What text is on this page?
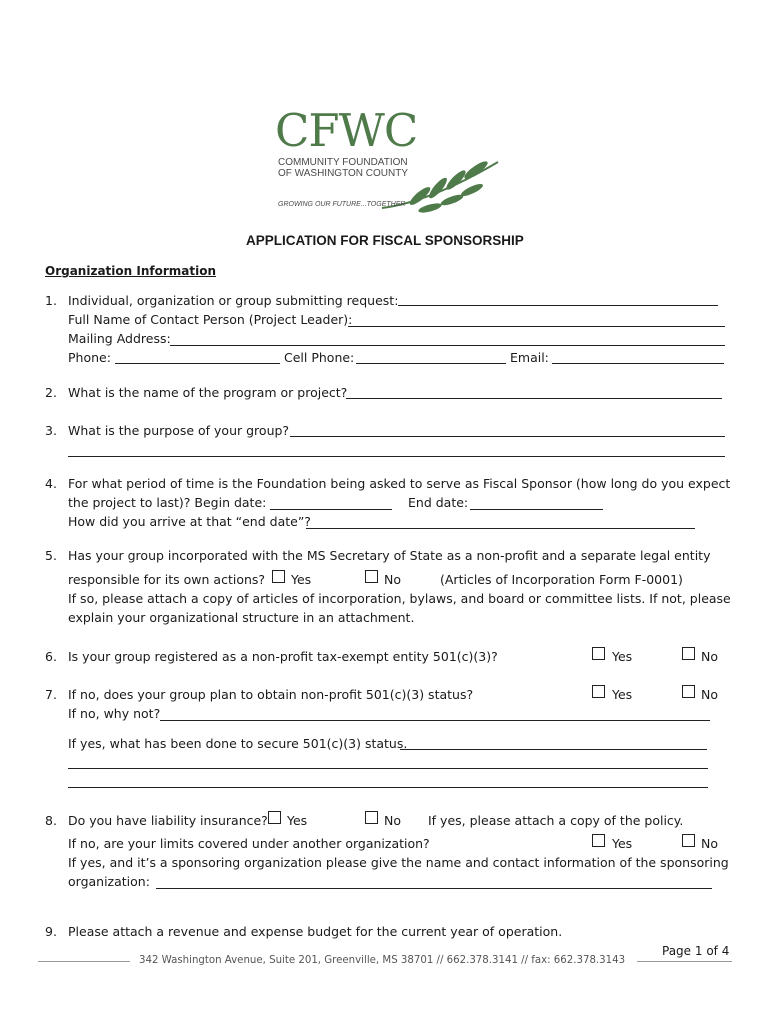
CFWC
COMMUNITY FOUNDATION
OF WASHINGTON COUNTY
GROWING OUR FUTURE...TOGETHER
APPLICATION FOR FISCAL SPONSORSHIP
Organization Information
1. Individual, organization or group submitting request:
Full Name of Contact Person (Project Leader):
Mailing Address:
Phone:	Cell Phone:	Email:
2. What is the name of the program or project?
3. What is the purpose of your group?
4. For what period of time is the Foundation being asked to serve as Fiscal Sponsor (how long do you expect
the project to last)? Begin date:	End date:
How did you arrive at that “end date”?
5. Has your group incorporated with the MS Secretary of State as a non-profit and a separate legal entity
responsible for its own actions? Yes	No	(Articles of Incorporation Form F-0001)
If so, please attach a copy of articles of incorporation, bylaws, and board or committee lists. If not, please
explain your organizational structure in an attachment.
6. Is your group registered as a non-profit tax-exempt entity 501(c)(3)?	Yes	No
7. If no, does your group plan to obtain non-profit 501(c)(3) status?	Yes	No
If no, why not?
If yes, what has been done to secure 501(c)(3) status.
8. Do you have liability insurance? Yes	No If yes, please attach a copy of the policy.
If no, are your limits covered under another organization?	Yes	No
If yes, and it’s a sponsoring organization please give the name and contact information of the sponsoring
organization:
9. Please attach a revenue and expense budget for the current year of operation.
Page 1 of 4
342 Washington Avenue, Suite 201, Greenville, MS 38701 // 662.378.3141 // fax: 662.378.3143
